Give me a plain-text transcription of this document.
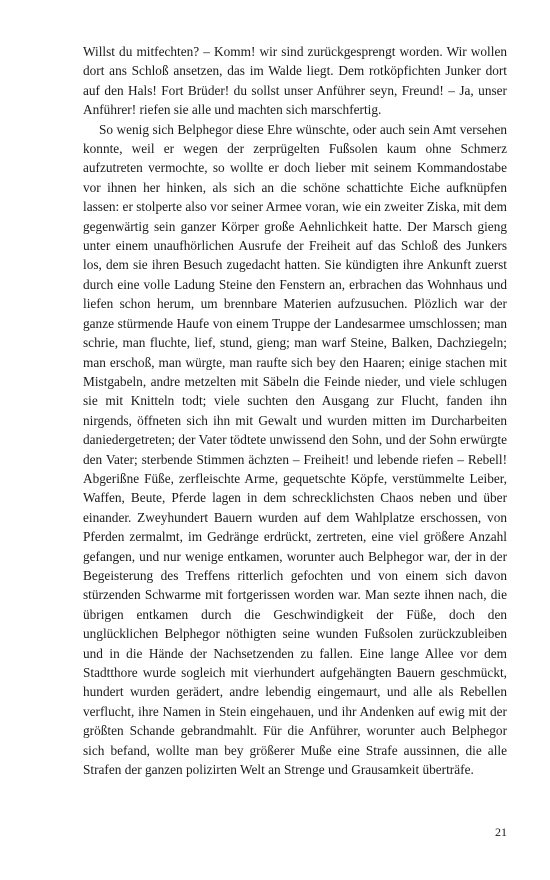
Willst du mitfechten? – Komm! wir sind zurückgesprengt worden. Wir wollen dort ans Schloß ansetzen, das im Walde liegt. Dem rotköpfichten Junker dort auf den Hals! Fort Brüder! du sollst unser Anführer seyn, Freund! – Ja, unser Anführer! riefen sie alle und machten sich marschfertig.

So wenig sich Belphegor diese Ehre wünschte, oder auch sein Amt versehen konnte, weil er wegen der zerprügelten Fußsolen kaum ohne Schmerz aufzutreten vermochte, so wollte er doch lieber mit seinem Kommandostabe vor ihnen her hinken, als sich an die schöne schattichte Eiche aufknüpfen lassen: er stolperte also vor seiner Armee voran, wie ein zweiter Ziska, mit dem gegenwärtig sein ganzer Körper große Aehnlichkeit hatte. Der Marsch gieng unter einem unaufhörlichen Ausrufe der Freiheit auf das Schloß des Junkers los, dem sie ihren Besuch zugedacht hatten. Sie kündigten ihre Ankunft zuerst durch eine volle Ladung Steine den Fenstern an, erbrachen das Wohnhaus und liefen schon herum, um brennbare Materien aufzusuchen. Plözlich war der ganze stürmende Haufe von einem Truppe der Landesarmee umschlossen; man schrie, man fluchte, lief, stund, gieng; man warf Steine, Balken, Dachziegeln; man erschoß, man würgte, man raufte sich bey den Haaren; einige stachen mit Mistgabeln, andre metzelten mit Säbeln die Feinde nieder, und viele schlugen sie mit Knitteln todt; viele suchten den Ausgang zur Flucht, fanden ihn nirgends, öffneten sich ihn mit Gewalt und wurden mitten im Durcharbeiten daniedergetreten; der Vater tödtete unwissend den Sohn, und der Sohn erwürgte den Vater; sterbende Stimmen ächzten – Freiheit! und lebende riefen – Rebell! Abgerißne Füße, zerfleischte Arme, gequetschte Köpfe, verstümmelte Leiber, Waffen, Beute, Pferde lagen in dem schrecklichsten Chaos neben und über einander. Zweyhundert Bauern wurden auf dem Wahlplatze erschossen, von Pferden zermalmt, im Gedränge erdrückt, zertreten, eine viel größere Anzahl gefangen, und nur wenige entkamen, worunter auch Belphegor war, der in der Begeisterung des Treffens ritterlich gefochten und von einem sich davon stürzenden Schwarme mit fortgerissen worden war. Man sezte ihnen nach, die übrigen entkamen durch die Geschwindigkeit der Füße, doch den unglücklichen Belphegor nöthigten seine wunden Fußsolen zurückzubleiben und in die Hände der Nachsetzenden zu fallen. Eine lange Allee vor dem Stadtthore wurde sogleich mit vierhundert aufgehängten Bauern geschmückt, hundert wurden gerädert, andre lebendig eingemaurt, und alle als Rebellen verflucht, ihre Namen in Stein eingehauen, und ihr Andenken auf ewig mit der größten Schande gebrandmahlt. Für die Anführer, worunter auch Belphegor sich befand, wollte man bey größerer Muße eine Strafe aussinnen, die alle Strafen der ganzen polizirten Welt an Strenge und Grausamkeit überträfe.

21
